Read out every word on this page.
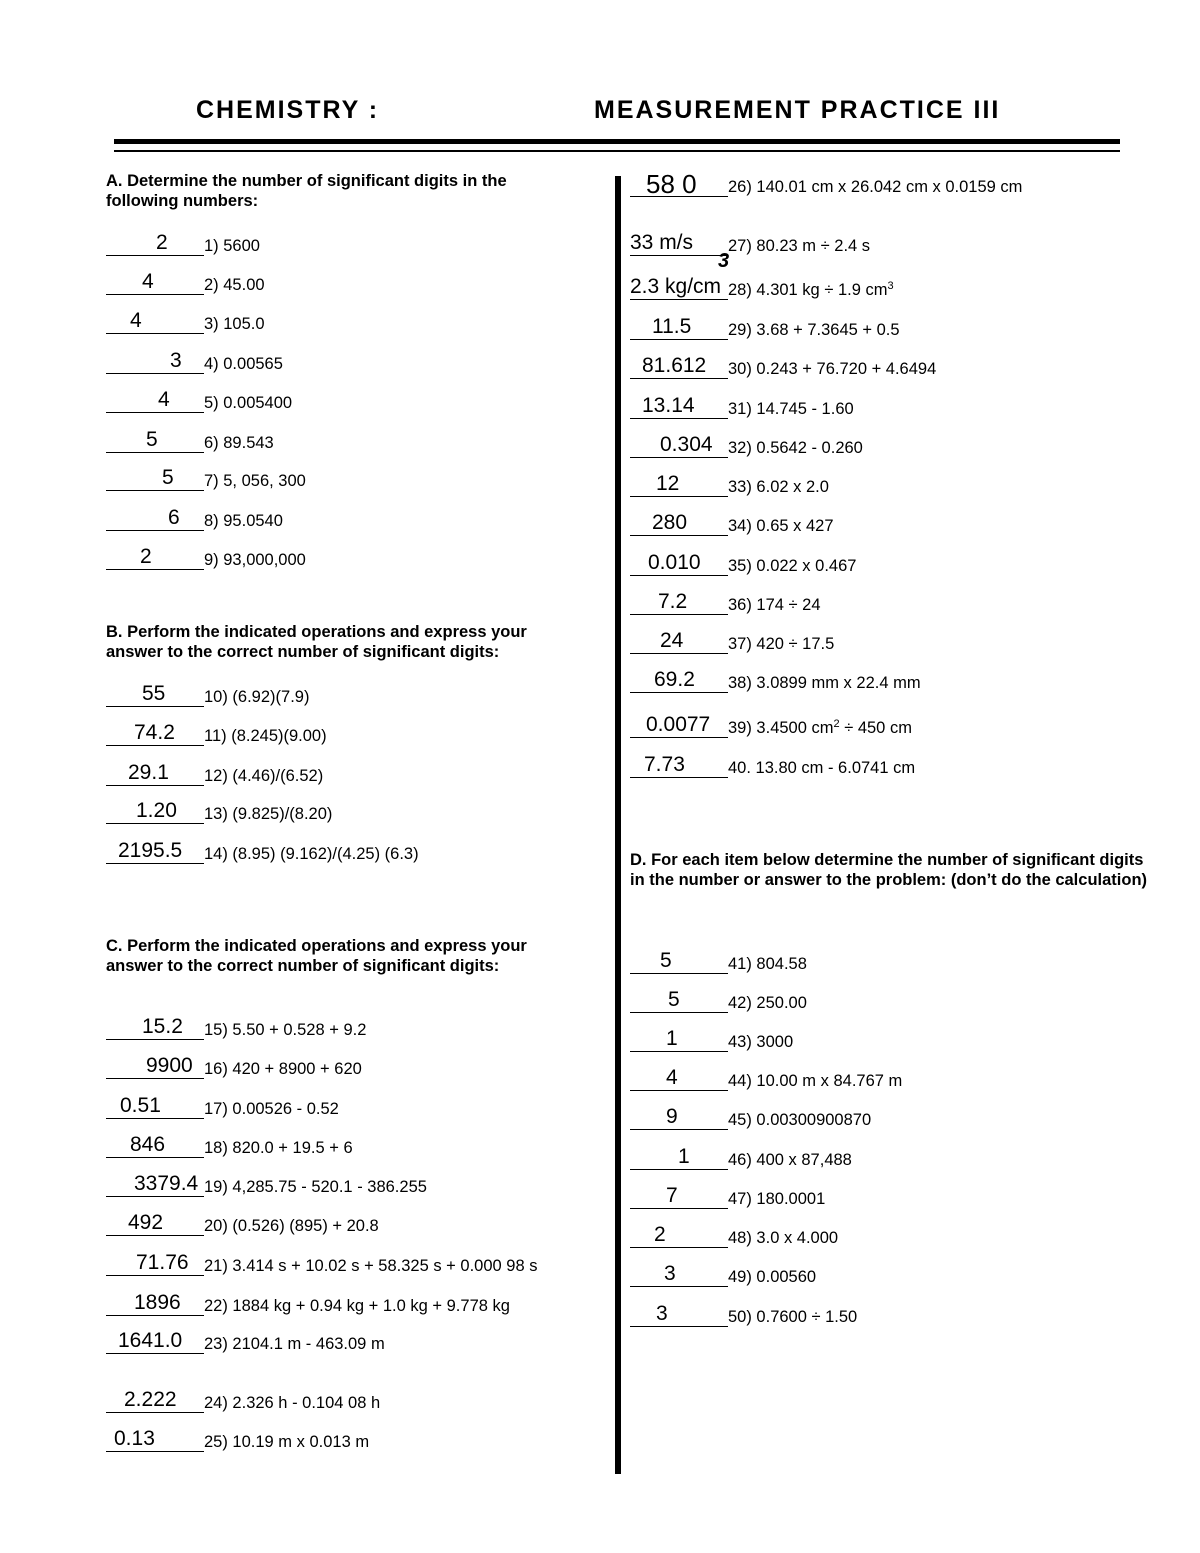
CHEMISTRY :	MEASUREMENT PRACTICE III

A. Determine the number of significant digits in the following numbers:

B. Perform the indicated operations and express your answer to the correct number of significant digits:

C. Perform the indicated operations and express your answer to the correct number of significant digits:

D. For each item below determine the number of significant digits in the number or answer to the problem: (don’t do the calculation)

2	1) 5600
4	2) 45.00
4	3) 105.0
3	4) 0.00565
4	5) 0.005400
5	6) 89.543
5	7) 5, 056, 300
6	8) 95.0540
2	9) 93,000,000
55	10) (6.92)(7.9)
74.2	11) (8.245)(9.00)
29.1	12) (4.46)/(6.52)
1.20	13) (9.825)/(8.20)
2195.5	14) (8.95) (9.162)/(4.25) (6.3)
15.2	15) 5.50 + 0.528 + 9.2
9900 16) 420 + 8900 + 620
0.51	17) 0.00526 - 0.52
846	18) 820.0 + 19.5 + 6
3379.4 19) 4,285.75 - 520.1 - 386.255
492	20) (0.526) (895) + 20.8
71.76 21) 3.414 s + 10.02 s + 58.325 s + 0.000 98 s
1896	22) 1884 kg + 0.94 kg + 1.0 kg + 9.778 kg
1641.0	23) 2104.1 m - 463.09 m
2.222	24) 2.326 h - 0.104 08 h
0.13	25) 10.19 m x 0.013 m
58 0	26) 140.01 cm x 26.042 cm x 0.0159 cm
33 m/s	27) 80.23 m ÷ 2.4 s
2.3 kg/cm 28) 4.301 kg ÷ 1.9 $cm^3$
3
11.5	29) 3.68 + 7.3645 + 0.5
81.612	30) 0.243 + 76.720 + 4.6494
13.14	31) 14.745 - 1.60
0.304 32) 0.5642 - 0.260
12	33) 6.02 x 2.0
280	34) 0.65 x 427
0.010	35) 0.022 x 0.467
7.2	36) 174 ÷ 24
24	37) 420 ÷ 17.5
69.2	38) 3.0899 mm x 22.4 mm
0.0077	39) 3.4500 $cm^2 \div 450$ cm
7.73	40. 13.80 cm - 6.0741 cm
5	41) 804.58
5	42) 250.00
1	43) 3000
4	44) 10.00 m x 84.767 m
9	45) 0.00300900870
1	46) 400 x 87,488
7	47) 180.0001
2	48) 3.0 x 4.000
3	49) 0.00560
3	50) 0.7600 ÷ 1.50
